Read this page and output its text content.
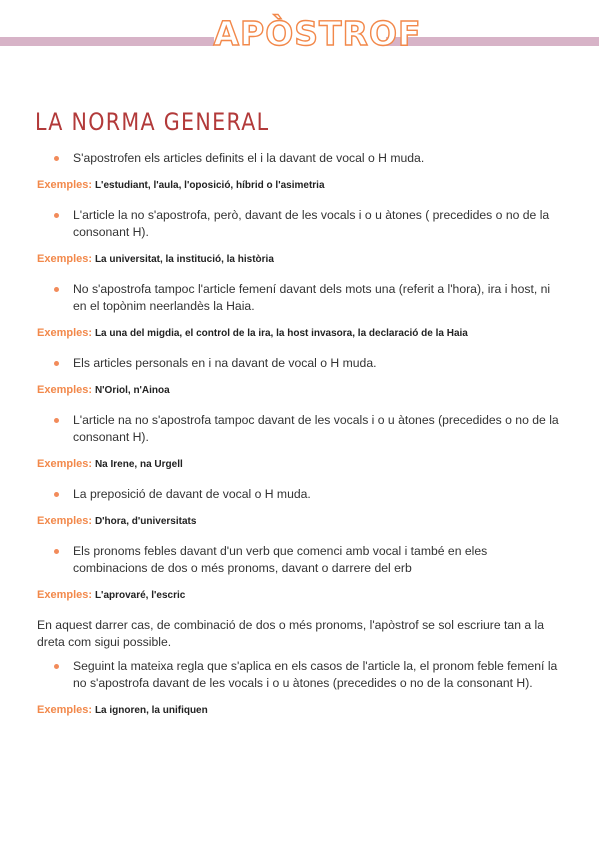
APÒSTROF
LA NORMA GENERAL
S'apostrofen els articles definits el i la davant de vocal o H muda.
Exemples: L'estudiant, l'aula, l'oposició, híbrid o l'asimetria
L'article la no s'apostrofa, però, davant de les vocals i o u àtones ( precedides o no de la consonant H).
Exemples: La universitat, la institució, la història
No s'apostrofa tampoc l'article femení davant dels mots una (referit a l'hora), ira i host, ni en el topònim neerlandès la Haia.
Exemples: La una del migdia, el control de la ira, la host invasora, la declaració de la Haia
Els articles personals en i na davant de vocal o H muda.
Exemples: N'Oriol, n'Ainoa
L'article na no s'apostrofa tampoc davant de les vocals i o u àtones (precedides o no de la consonant H).
Exemples: Na Irene, na Urgell
La preposició de davant de vocal o H muda.
Exemples: D'hora, d'universitats
Els pronoms febles davant d'un verb que comenci amb vocal i també en eles combinacions de dos o més pronoms, davant o darrere del erb
Exemples: L'aprovaré, l'escric

En aquest darrer cas, de combinació de dos o més pronoms, l'apòstrof se sol escriure tan a la dreta com sigui possible.

Seguint la mateixa regla que s'aplica en els casos de l'article la, el pronom feble femení la no s'apostrofa davant de les vocals i o u àtones (precedides o no de la consonant H).
Exemples: La ignoren, la unifiquen
